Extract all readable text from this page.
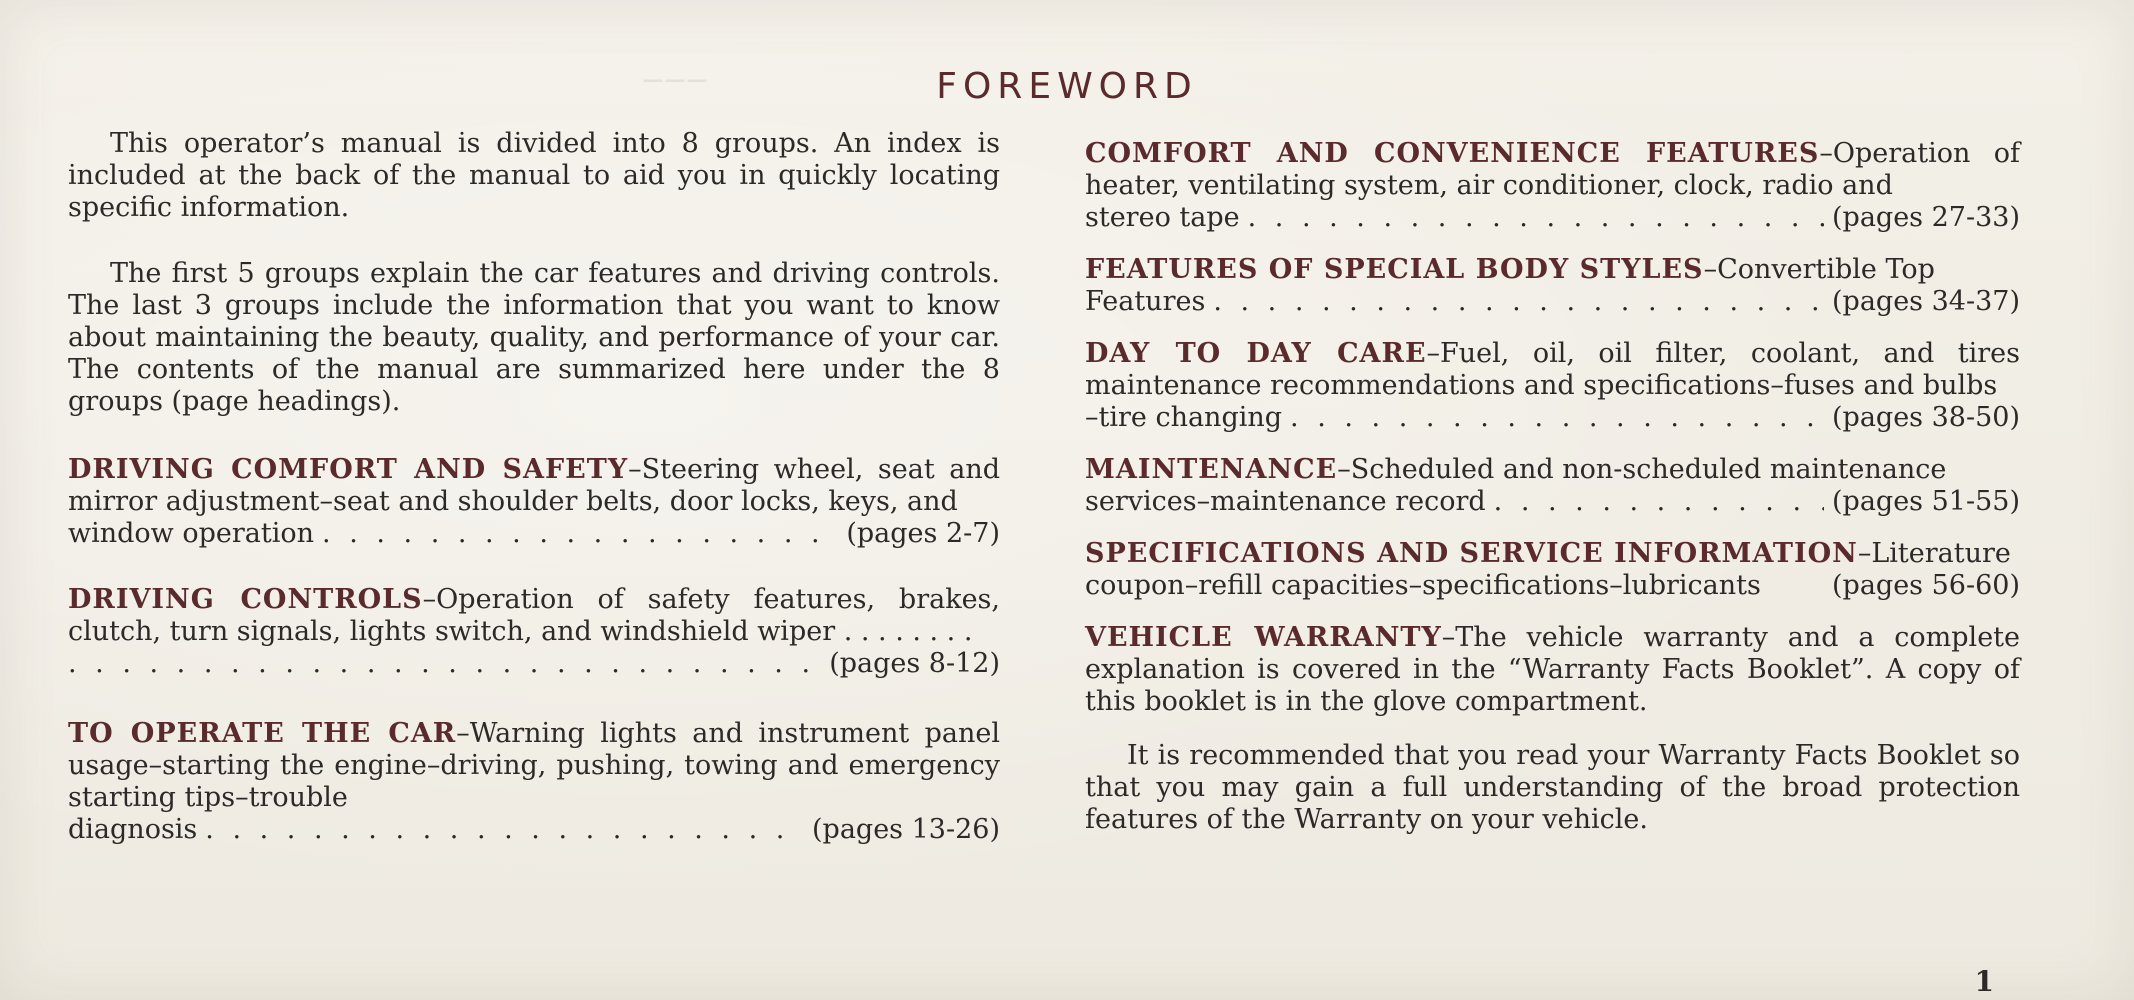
───	FOREWORD

This operator’s manual is divided into 8 groups. An index is included at the back of the manual to aid you in quickly locating specific information.

The first 5 groups explain the car features and driving controls. The last 3 groups include the information that you want to know about maintaining the beauty, quality, and performance of your car. The contents of the manual are summarized here under the 8 groups (page headings).

DRIVING COMFORT AND SAFETY–Steering wheel, seat and mirror adjustment–seat and shoulder belts, door locks, keys, and

window operation . . .	(pages 2-7)

DRIVING CONTROLS–Operation of safety features, brakes, clutch, turn signals, lights switch, and windshield wiper . . . . . . . .

. . .
(pages 8-12)

TO OPERATE THE CAR–Warning lights and instrument panel usage–starting the engine–driving, pushing, towing and emergency starting tips–trouble

diagnosis . . .	(pages 13-26)

COMFORT AND CONVENIENCE FEATURES–Operation of heater, ventilating system, air conditioner, clock, radio and

stereo tape . . .	(pages 27-33)

FEATURES OF SPECIAL BODY STYLES–Convertible Top

Features . . .	(pages 34-37)

DAY TO DAY CARE–Fuel, oil, oil filter, coolant, and tires maintenance recommendations and specifications–fuses and bulbs

–tire changing . . .	(pages 38-50)

MAINTENANCE–Scheduled and non-scheduled maintenance

services–maintenance record . . .	(pages 51-55)

SPECIFICATIONS AND SERVICE INFORMATION–Literature

coupon–refill capacities–specifications–lubricants	(pages 56-60)

VEHICLE WARRANTY–The vehicle warranty and a complete explanation is covered in the “Warranty Facts Booklet”. A copy of this booklet is in the glove compartment.

It is recommended that you read your Warranty Facts Booklet so that you may gain a full understanding of the broad protection features of the Warranty on your vehicle.

1
